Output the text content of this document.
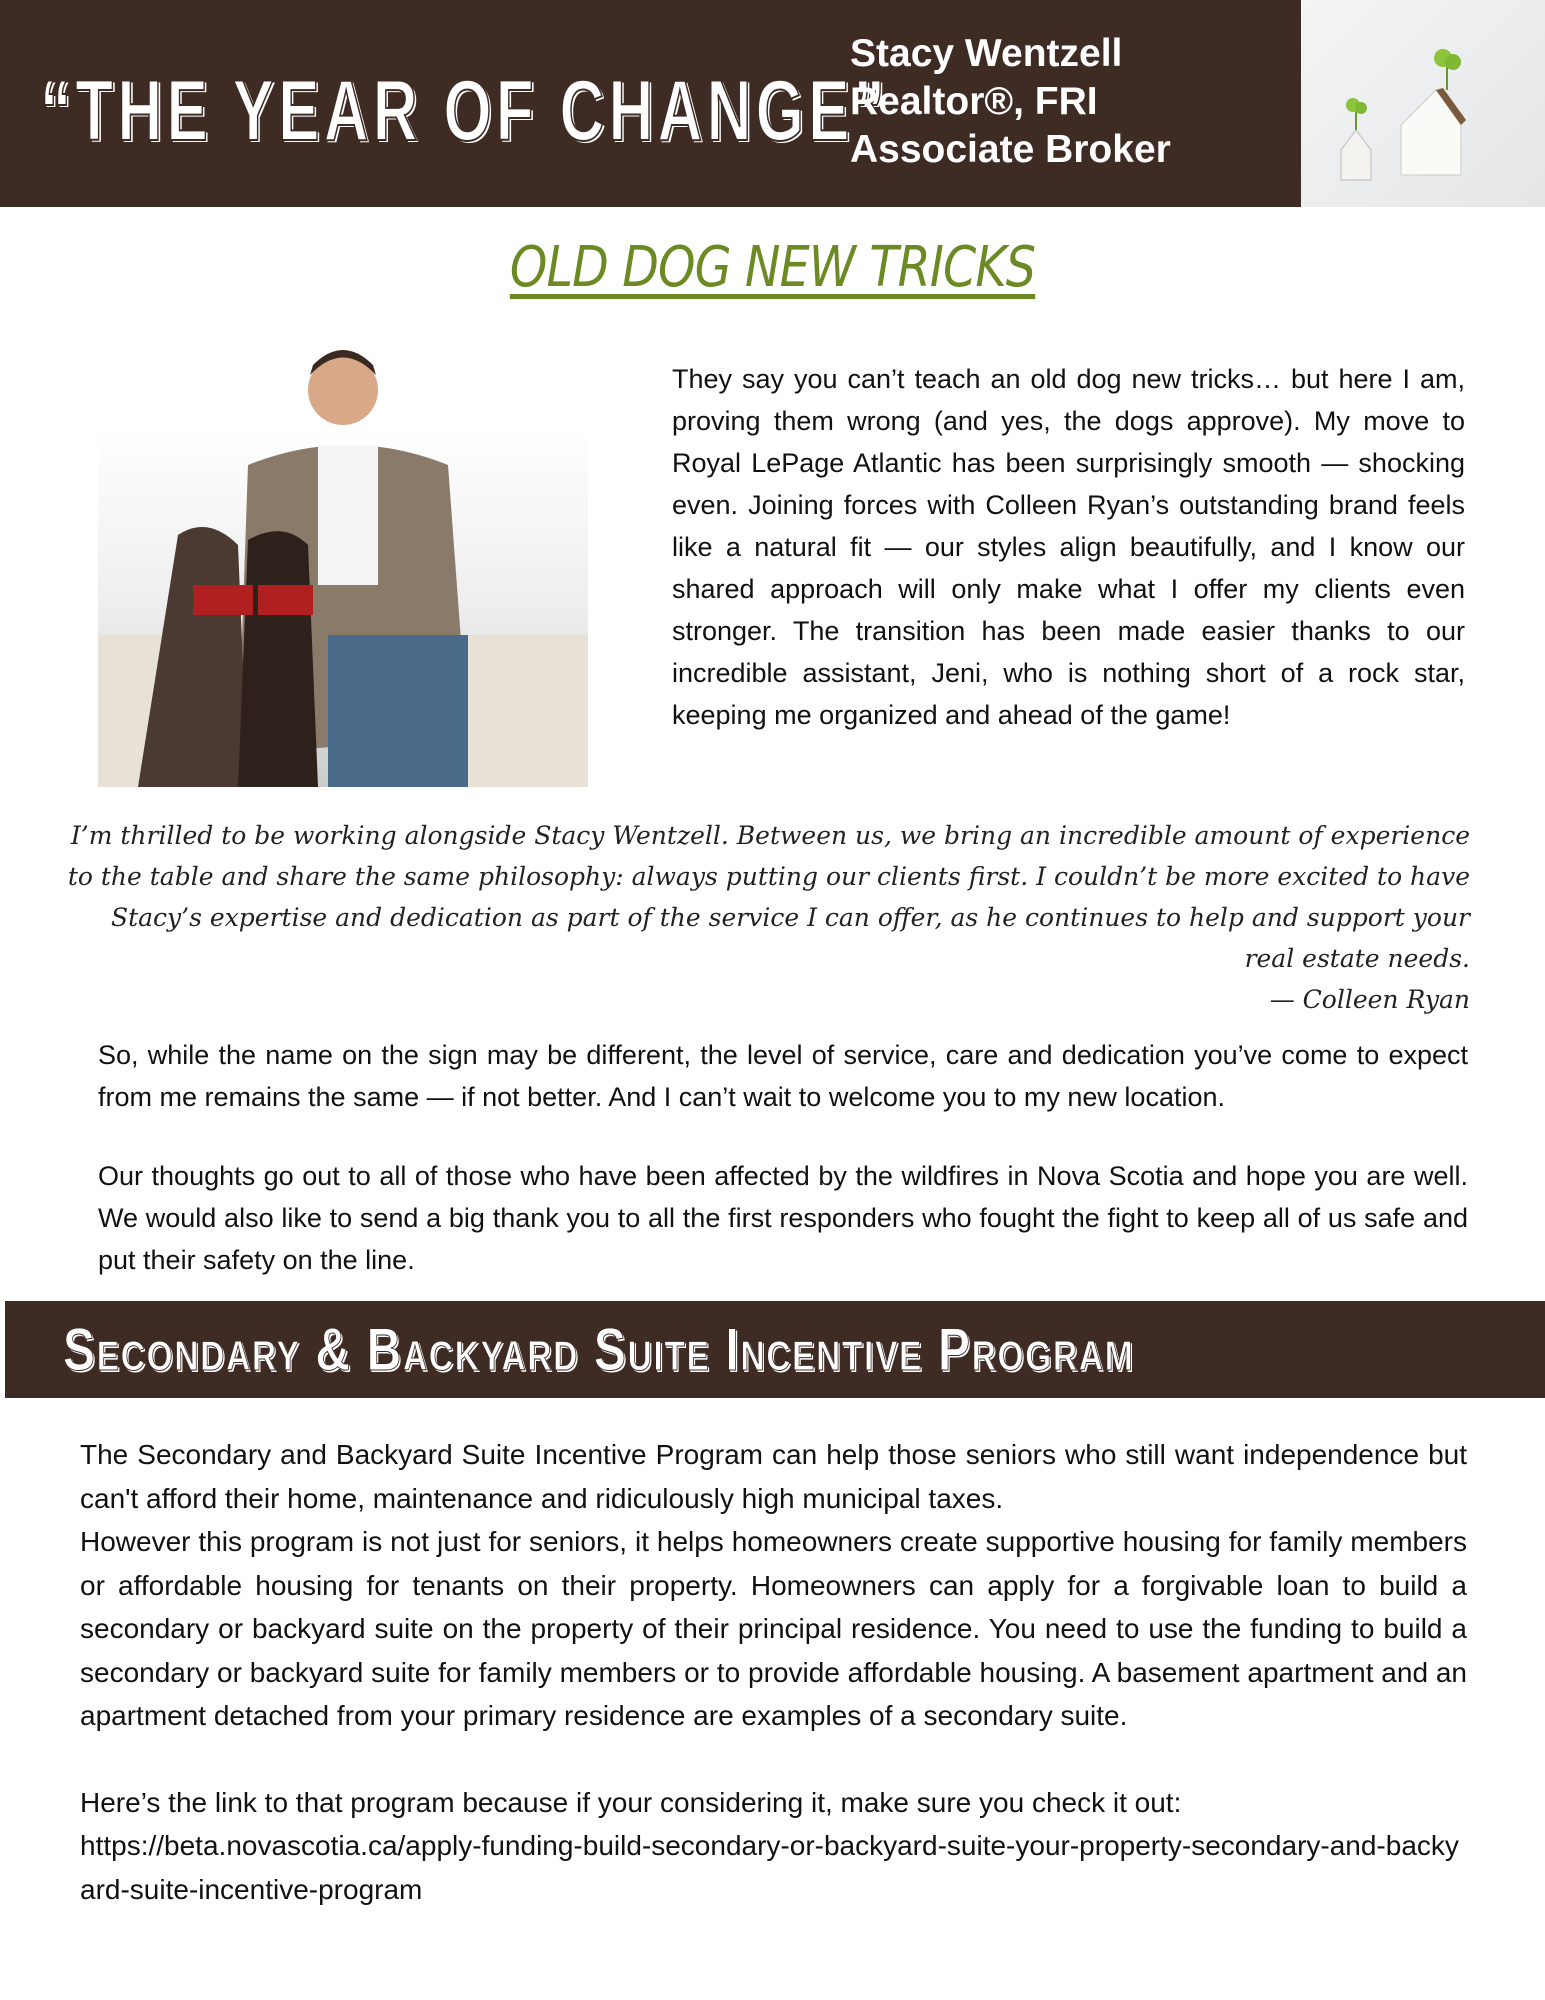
“THE YEAR OF CHANGE”
Stacy Wentzell
Realtor®, FRI
Associate Broker
OLD DOG NEW TRICKS
They say you can’t teach an old dog new tricks… but here I am, proving them wrong (and yes, the dogs approve). My move to Royal LePage Atlantic has been surprisingly smooth — shocking even. Joining forces with Colleen Ryan’s outstanding brand feels like a natural fit — our styles align beautifully, and I know our shared approach will only make what I offer my clients even stronger. The transition has been made easier thanks to our incredible assistant, Jeni, who is nothing short of a rock star, keeping me organized and ahead of the game!
I’m thrilled to be working alongside Stacy Wentzell. Between us, we bring an incredible amount of experience to the table and share the same philosophy: always putting our clients first. I couldn’t be more excited to have Stacy’s expertise and dedication as part of the service I can offer, as he continues to help and support your real estate needs.
— Colleen Ryan
So, while the name on the sign may be different, the level of service, care and dedication you’ve come to expect from me remains the same — if not better. And I can’t wait to welcome you to my new location.
Our thoughts go out to all of those who have been affected by the wildfires in Nova Scotia and hope you are well. We would also like to send a big thank you to all the first responders who fought the fight to keep all of us safe and put their safety on the line.
Secondary & Backyard Suite Incentive Program
The Secondary and Backyard Suite Incentive Program can help those seniors who still want independence but can't afford their home, maintenance and ridiculously high municipal taxes.
However this program is not just for seniors, it helps homeowners create supportive housing for family members or affordable housing for tenants on their property. Homeowners can apply for a forgivable loan to build a secondary or backyard suite on the property of their principal residence. You need to use the funding to build a secondary or backyard suite for family members or to provide affordable housing. A basement apartment and an apartment detached from your primary residence are examples of a secondary suite.
Here’s the link to that program because if your considering it, make sure you check it out:
https://beta.novascotia.ca/apply-funding-build-secondary-or-backyard-suite-your-property-secondary-and-backyard-suite-incentive-program
